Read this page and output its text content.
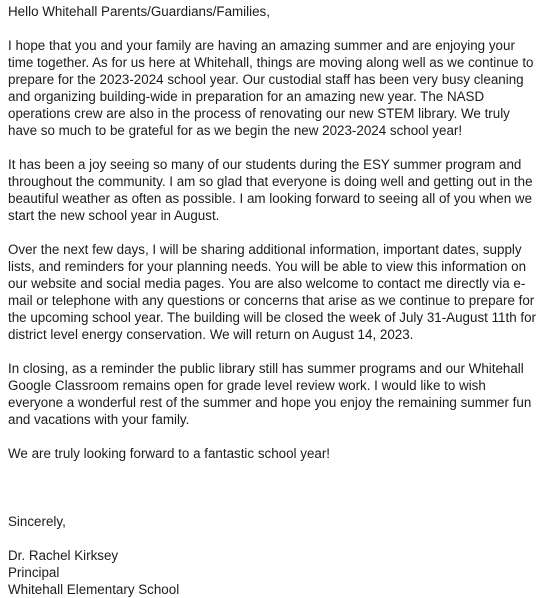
Hello Whitehall Parents/Guardians/Families,

I hope that you and your family are having an amazing summer and are enjoying your time together. As for us here at Whitehall, things are moving along well as we continue to prepare for the 2023-2024 school year. Our custodial staff has been very busy cleaning and organizing building-wide in preparation for an amazing new year. The NASD operations crew are also in the process of renovating our new STEM library. We truly have so much to be grateful for as we begin the new 2023-2024 school year!

It has been a joy seeing so many of our students during the ESY summer program and throughout the community. I am so glad that everyone is doing well and getting out in the beautiful weather as often as possible. I am looking forward to seeing all of you when we start the new school year in August.

Over the next few days, I will be sharing additional information, important dates, supply lists, and reminders for your planning needs. You will be able to view this information on our website and social media pages. You are also welcome to contact me directly via e-mail or telephone with any questions or concerns that arise as we continue to prepare for the upcoming school year. The building will be closed the week of July 31-August 11th for district level energy conservation. We will return on August 14, 2023.

In closing, as a reminder the public library still has summer programs and our Whitehall Google Classroom remains open for grade level review work. I would like to wish everyone a wonderful rest of the summer and hope you enjoy the remaining summer fun and vacations with your family.

We are truly looking forward to a fantastic school year!

Sincerely,

Dr. Rachel Kirksey
Principal
Whitehall Elementary School
